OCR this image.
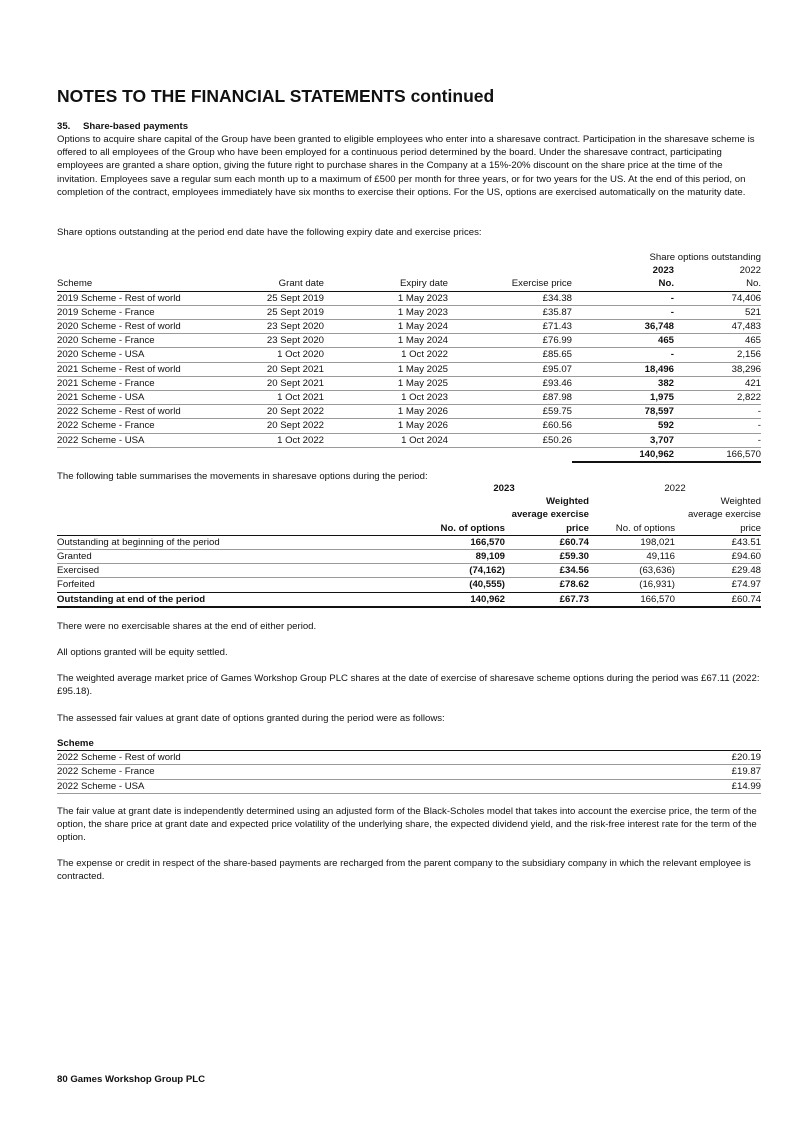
NOTES TO THE FINANCIAL STATEMENTS continued
35. Share-based payments

Options to acquire share capital of the Group have been granted to eligible employees who enter into a sharesave contract. Participation in the sharesave scheme is offered to all employees of the Group who have been employed for a continuous period determined by the board. Under the sharesave contract, participating employees are granted a share option, giving the future right to purchase shares in the Company at a 15%-20% discount on the share price at the time of the invitation. Employees save a regular sum each month up to a maximum of £500 per month for three years, or for two years for the US. At the end of this period, on completion of the contract, employees immediately have six months to exercise their options. For the US, options are exercised automatically on the maturity date.

Share options outstanding at the period end date have the following expiry date and exercise prices:

				Share options outstanding	
				2023	2022
Scheme	Grant date	Expiry date	Exercise price	No.	No.
2019 Scheme - Rest of world	25 Sept 2019	1 May 2023	£34.38	-	74,406
2019 Scheme - France	25 Sept 2019	1 May 2023	£35.87	-	521
2020 Scheme - Rest of world	23 Sept 2020	1 May 2024	£71.43	36,748	47,483
2020 Scheme - France	23 Sept 2020	1 May 2024	£76.99	465	465
2020 Scheme - USA	1 Oct 2020	1 Oct 2022	£85.65	-	2,156
2021 Scheme - Rest of world	20 Sept 2021	1 May 2025	£95.07	18,496	38,296
2021 Scheme - France	20 Sept 2021	1 May 2025	£93.46	382	421
2021 Scheme - USA	1 Oct 2021	1 Oct 2023	£87.98	1,975	2,822
2022 Scheme - Rest of world	20 Sept 2022	1 May 2026	£59.75	78,597	-
2022 Scheme - France	20 Sept 2022	1 May 2026	£60.56	592	-
2022 Scheme - USA	1 Oct 2022	1 Oct 2024	£50.26	3,707	-
				140,962	166,570

The following table summarises the movements in sharesave options during the period:

	2023		2022	
		Weighted		Weighted
		average exercise		average exercise
	No. of options	price	No. of options	price
Outstanding at beginning of the period	166,570	£60.74	198,021	£43.51
Granted	89,109	£59.30	49,116	£94.60
Exercised	(74,162)	£34.56	(63,636)	£29.48
Forfeited	(40,555)	£78.62	(16,931)	£74.97
Outstanding at end of the period	140,962	£67.73	166,570	£60.74

There were no exercisable shares at the end of either period.

All options granted will be equity settled.

The weighted average market price of Games Workshop Group PLC shares at the date of exercise of sharesave scheme options during the period was £67.11 (2022: £95.18).

The assessed fair values at grant date of options granted during the period were as follows:

Scheme	
2022 Scheme - Rest of world	£20.19
2022 Scheme - France	£19.87
2022 Scheme - USA	£14.99

The fair value at grant date is independently determined using an adjusted form of the Black-Scholes model that takes into account the exercise price, the term of the option, the share price at grant date and expected price volatility of the underlying share, the expected dividend yield, and the risk-free interest rate for the term of the option.

The expense or credit in respect of the share-based payments are recharged from the parent company to the subsidiary company in which the relevant employee is contracted.

80 Games Workshop Group PLC
